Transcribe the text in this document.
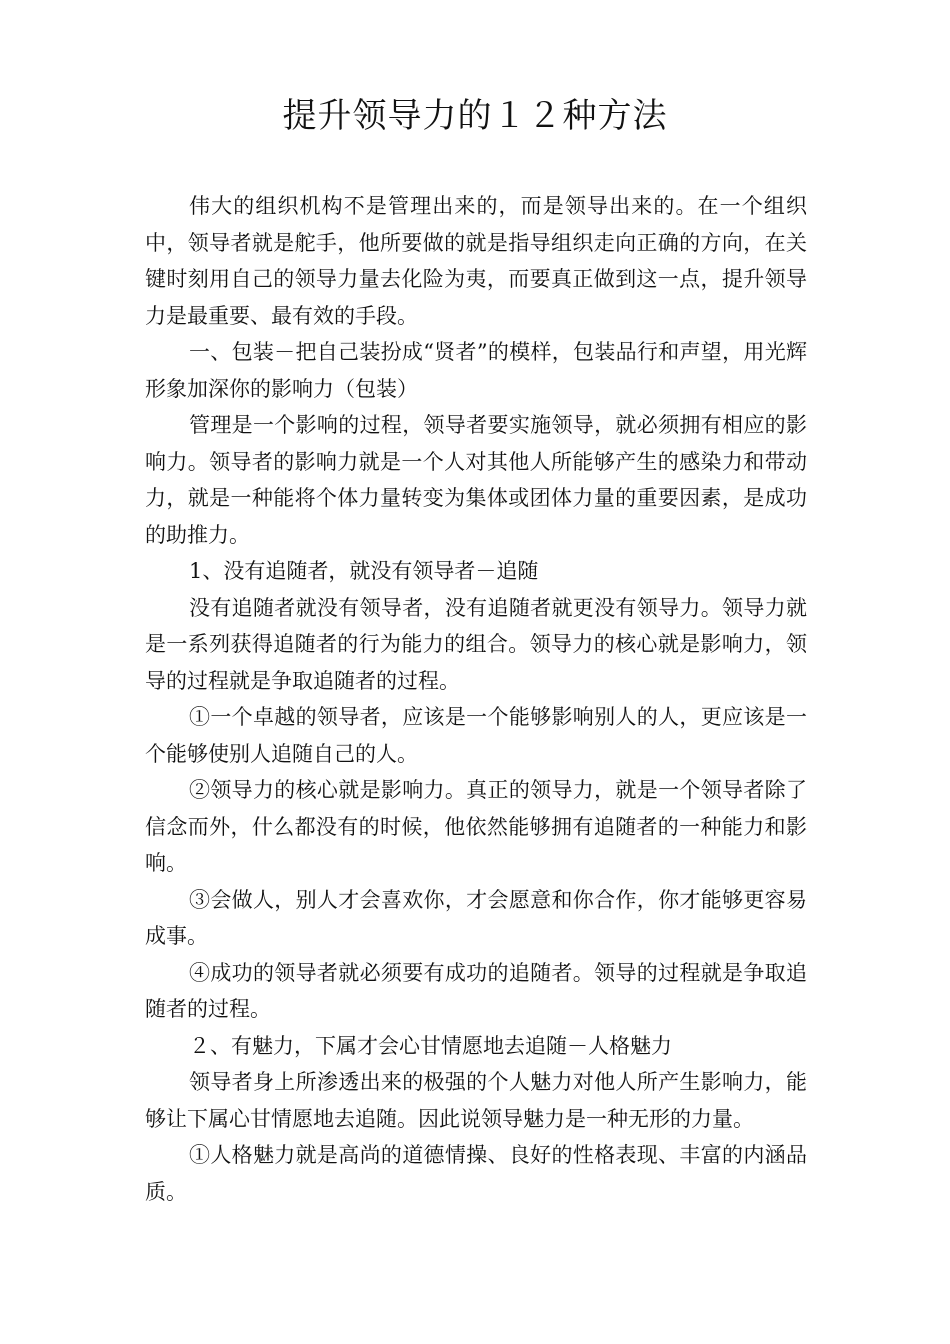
提升领导力的１２种方法

伟大的组织机构不是管理出来的，而是领导出来的。在一个组织中，领导者就是舵手，他所要做的就是指导组织走向正确的方向，在关键时刻用自己的领导力量去化险为夷，而要真正做到这一点，提升领导力是最重要、最有效的手段。

一、包装－把自己装扮成“贤者”的模样，包装品行和声望，用光辉形象加深你的影响力（包装）

管理是一个影响的过程，领导者要实施领导，就必须拥有相应的影响力。领导者的影响力就是一个人对其他人所能够产生的感染力和带动力，就是一种能将个体力量转变为集体或团体力量的重要因素，是成功的助推力。

1、没有追随者，就没有领导者－追随

没有追随者就没有领导者，没有追随者就更没有领导力。领导力就是一系列获得追随者的行为能力的组合。领导力的核心就是影响力，领导的过程就是争取追随者的过程。

①一个卓越的领导者，应该是一个能够影响别人的人，更应该是一个能够使别人追随自己的人。

②领导力的核心就是影响力。真正的领导力，就是一个领导者除了信念而外，什么都没有的时候，他依然能够拥有追随者的一种能力和影响。

③会做人，别人才会喜欢你，才会愿意和你合作，你才能够更容易成事。

④成功的领导者就必须要有成功的追随者。领导的过程就是争取追随者的过程。

２、有魅力，下属才会心甘情愿地去追随－人格魅力

领导者身上所渗透出来的极强的个人魅力对他人所产生影响力，能够让下属心甘情愿地去追随。因此说领导魅力是一种无形的力量。

①人格魅力就是高尚的道德情操、良好的性格表现、丰富的内涵品质。
